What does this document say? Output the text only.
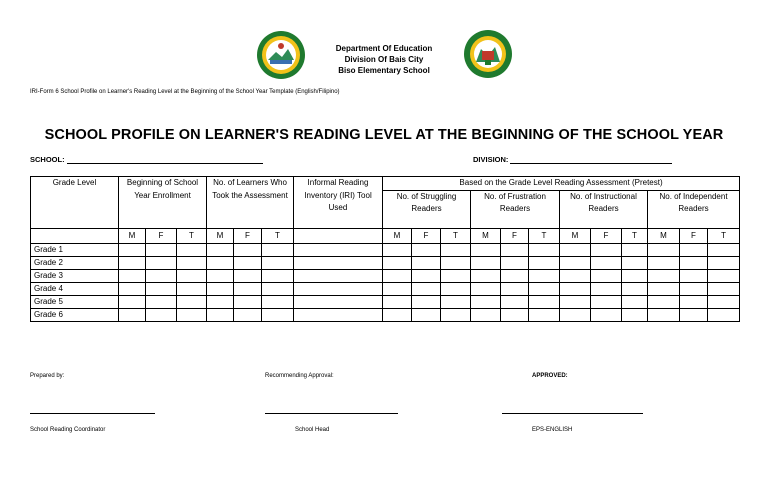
Department Of Education
Division Of Bais City
Biso Elementary School
IRI-Form 6 School Profile on Learner's Reading Level at the Beginning of the School Year Template (English/Filipino)
SCHOOL PROFILE ON LEARNER'S READING LEVEL AT THE BEGINNING OF THE SCHOOL YEAR
SCHOOL:	DIVISION:
Grade Level	Beginning of School Year Enrollment			No. of Learners Who Took the Assessment			Informal Reading Inventory (IRI) Tool Used	Based on the Grade Level Reading Assessment (Pretest)											
								No. of Struggling Readers			No. of Frustration Readers			No. of Instructional Readers			No. of Independent Readers		
	M	F	T	M	F	T		M	F	T	M	F	T	M	F	T	M	F	T
Grade 1																			
Grade 2																			
Grade 3																			
Grade 4																			
Grade 5																			
Grade 6																			
Prepared by:	Recommending Approval:	APPROVED:
School Reading Coordinator	School Head	EPS-ENGLISH
